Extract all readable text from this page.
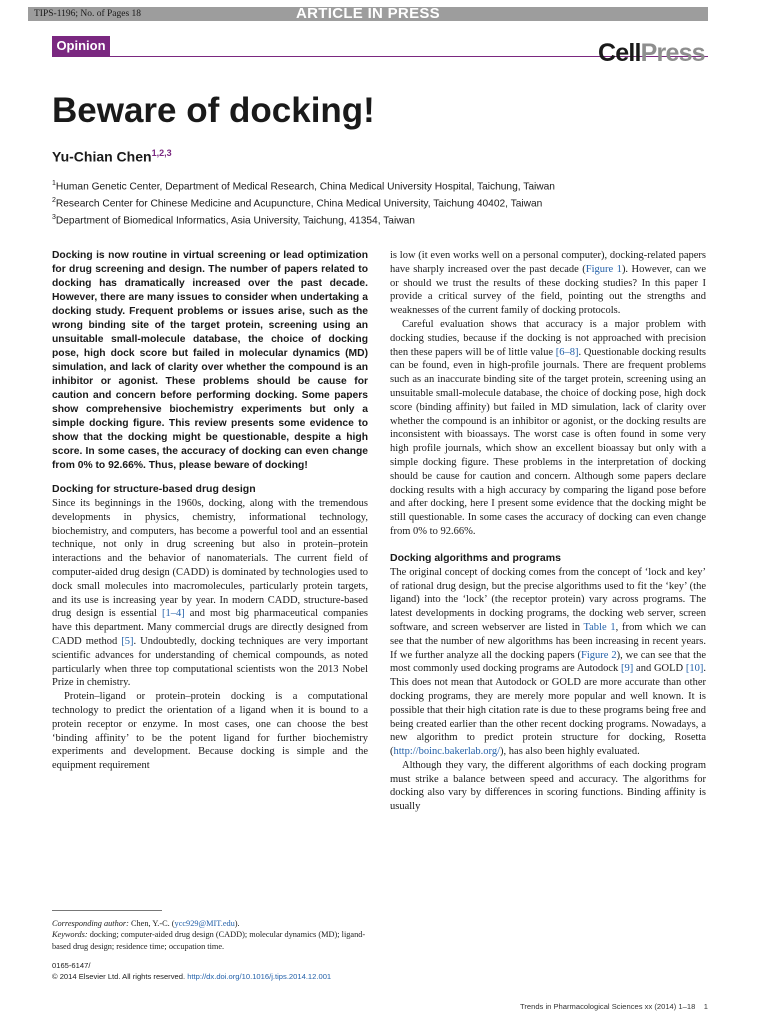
TIPS-1196; No. of Pages 18	ARTICLE IN PRESS
Opinion	CellPress
Beware of docking!
Yu-Chian Chen$^{1,2,3}$
$^1$Human Genetic Center, Department of Medical Research, China Medical University Hospital, Taichung, Taiwan
$^2$Research Center for Chinese Medicine and Acupuncture, China Medical University, Taichung 40402, Taiwan
$^3$Department of Biomedical Informatics, Asia University, Taichung, 41354, Taiwan

Docking is now routine in virtual screening or lead optimization for drug screening and design. The number of papers related to docking has dramatically increased over the past decade. However, there are many issues to consider when undertaking a docking study. Frequent problems or issues arise, such as the wrong binding site of the target protein, screening using an unsuitable small-molecule database, the choice of docking pose, high dock score but failed in molecular dynamics (MD) simulation, and lack of clarity over whether the compound is an inhibitor or agonist. These problems should be cause for caution and concern before performing docking. Some papers show comprehensive biochemistry experiments but only a simple docking figure. This review presents some evidence to show that the docking might be questionable, despite a high score. In some cases, the accuracy of docking can even change from 0% to 92.66%. Thus, please beware of docking!

Docking for structure-based drug design

Since its beginnings in the 1960s, docking, along with the tremendous developments in physics, chemistry, informational technology, biochemistry, and computers, has become a powerful tool and an essential technique, not only in drug screening but also in protein–protein interactions and the behavior of nanomaterials. The current field of computer-aided drug design (CADD) is dominated by technologies used to dock small molecules into macromolecules, particularly protein targets, and its use is increasing year by year. In modern CADD, structure-based drug design is essential [1–4] and most big pharmaceutical companies have this department. Many commercial drugs are directly designed from CADD method [5]. Undoubtedly, docking techniques are very important scientific advances for understanding of chemical compounds, as noted particularly when three top computational scientists won the 2013 Nobel Prize in chemistry.

Protein–ligand or protein–protein docking is a computational technology to predict the orientation of a ligand when it is bound to a protein receptor or enzyme. In most cases, one can choose the best ‘binding affinity’ to be the potent ligand for further biochemistry experiments and development. Because docking is simple and the equipment requirement

is low (it even works well on a personal computer), docking-related papers have sharply increased over the past decade (Figure 1). However, can we or should we trust the results of these docking studies? In this paper I provide a critical survey of the field, pointing out the strengths and weaknesses of the current family of docking protocols.

Careful evaluation shows that accuracy is a major problem with docking studies, because if the docking is not approached with precision then these papers will be of little value [6–8]. Questionable docking results can be found, even in high-profile journals. There are frequent problems such as an inaccurate binding site of the target protein, screening using an unsuitable small-molecule database, the choice of docking pose, high dock score (binding affinity) but failed in MD simulation, lack of clarity over whether the compound is an inhibitor or agonist, or the docking results are inconsistent with bioassays. The worst case is often found in some very high profile journals, which show an excellent bioassay but only with a simple docking figure. These problems in the interpretation of docking should be cause for caution and concern. Although some papers declare docking results with a high accuracy by comparing the ligand pose before and after docking, here I present some evidence that the docking might be still questionable. In some cases the accuracy of docking can even change from 0% to 92.66%.

Docking algorithms and programs

The original concept of docking comes from the concept of ‘lock and key’ of rational drug design, but the precise algorithms used to fit the ‘key’ (the ligand) into the ‘lock’ (the receptor protein) vary across programs. The latest developments in docking programs, the docking web server, screen software, and screen webserver are listed in Table 1, from which we can see that the number of new algorithms has been increasing in recent years. If we further analyze all the docking papers (Figure 2), we can see that the most commonly used docking programs are Autodock [9] and GOLD [10]. This does not mean that Autodock or GOLD are more accurate than other docking programs, they are merely more popular and well known. It is possible that their high citation rate is due to these programs being free and being created earlier than the other recent docking programs. Nowadays, a new algorithm to predict protein structure for docking, Rosetta (http://boinc.bakerlab.org/), has also been highly evaluated.

Although they vary, the different algorithms of each docking program must strike a balance between speed and accuracy. The algorithms for docking also vary by differences in scoring functions. Binding affinity is usually

Corresponding author: Chen, Y.-C. (ycc929@MIT.edu).
Keywords: docking; computer-aided drug design (CADD); molecular dynamics (MD); ligand-based drug design; residence time; occupation time.
0165-6147/
© 2014 Elsevier Ltd. All rights reserved. http://dx.doi.org/10.1016/j.tips.2014.12.001
Trends in Pharmacological Sciences xx (2014) 1–18 1
